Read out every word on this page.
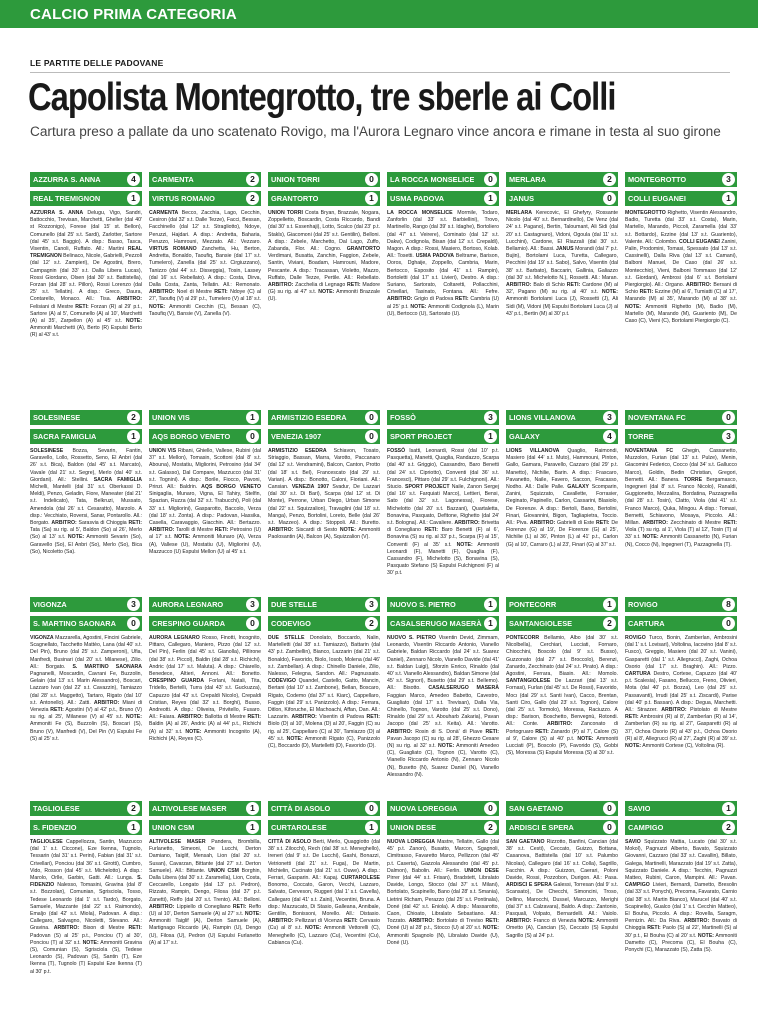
CALCIO PRIMA CATEGORIA
LE PARTITE DELLE PADOVANE
Capolista Montegrotto, tre sberle ai Colli
Cartura preso a pallate da uno scatenato Rovigo, ma l'Aurora Legnaro vince ancora e rimane in testa al suo girone
AZZURRA S. ANNA	4
REAL TREMIGNON	1
AZZURRA S. ANNA Delugu, Vigo, Sandri, Battocchio, Trevisan, Marchetti, Gheller (dal 40' st Rozzonigo), Forese (dal 15' st. Bellon), Comunello (dal 25' s.t. Sardi), Zarlotter, Sartore (dal 45' s.t. Baggio). A disp.: Basso, Tasca, Visentin, Canoli, Ruffato. All.: Martini REAL TREMIGNON Belinaco, Nicole, Gabrielli, Pezzoli (dal 12' s.t. Zampieri), De Agostini, Brero, Campagnin (dal 33' s.t. Dalla Libera Lucas), Rossi Giordano, Olsen (dal 30' s.t. Battistella), Forzan (dal 28' s.t. Pillon), Rossi Lorenzo (dal 25' s.t. Tellatin). A disp.: Greco, Daura, Contarello, Monaco. All.: Tisa. ARBITRO: Felisiani di Mestre RETI: Forzan (R) al 29' p.t., Sartore (A) al 5', Comunello (A) al 10', Marchetti (A) al 35', Zarpellon (A) al 45' s.t. NOTE: Ammoniti Marchetti (A), Berto (R) Espulsi Berto (R) al 43' s.t.
CARMENTA	2
VIRTUS ROMANO	2
CARMENTA Becco, Zacchia, Lago, Cecchin, Cesiron (dal 32' s.t. Dalle Tezze), Facci, Bessan, Facchinello (dal 12' s.t. Stragliotto), Ndoye, Peruzzi, Hajdari. A disp.: Andretta, Baharia, Peruzzo, Hamrouni, Mezzato. All.: Vezzaro. VIRTUS ROMANO Zanchetta, Hu, Berton, Andretta, Bonaldo, Taoufiq, Bansie (dal 17' s.t. Tumelero), Zanella (dal 25' s.t. Cirgiuzzano), Tanizzo (dal 44' s.t. Disseggia), Tosin, Lassey (dal 16' s.t. Rebellato). A disp.: Costa, Dirva, Dalla Costa, Zanta, Tellatin. All.: Remonato. ARBITRO: Noel di Mestre RETI: Ndoye (C) al 27', Taoufiq (V) al 29' p.t., Tumelero (V) al 18' s.t. NOTE: Ammoniti Cecchin (C), Bessan (C), Taoufiq (V), Bansie (V), Zanella (V).
UNION TORRI	0
GRANTORTO	1
UNION TORRI Costa Bryan, Brazzale, Nogara, Zoppelletto, Boscardin, Costa Riccardo, Bandi (dal 30' s.t. Essenhaji), Lotto, Scalco (dal 23' p.t. Stakls), Giacomoni (dal 25' s.t. Gentilin), Belloni. A disp.: Zebele, Marchetto, Dal Lago, Zuffo, Zabanda, Flor. All.: Cogno. GRANTORTO Verdimani, Busatta, Zanchin, Faggion, Zebele, Santin, Viviani, Boadam, Hamrouni, Madore, Pescante. A disp.: Tracassan, Violetto, Mazzo, Ruffato, Dalle Tezze, Pertile. All.: Rebellato. ARBITRO: Zacchelia di Legnago RETI: Madore (G) su rig. al 47' s.t. NOTE: Ammoniti Brazzale (U).
LA ROCCA MONSELICE	0
USMA PADOVA	1
LA ROCCA MONSELICE Mormile, Todaro, Zanforlin (dal 33' s.t. Barbiellini), Trovo, Martinello, Rango (dal 39' s.t. Idaghe), Bortoliero (dal 47' s.t. Veirere), Cominato (dal 12' s.t. Dakw), Codignola, Bisan (dal 12' s.t. Crepaldi), Magon. A disp.: Rossi, Masiero, Bortoso, Kolab. All.: Tosetti. USMA PADOVA Beltrame, Barison, Ooros, Dghaije, Zoppello, Cambria, Marin, Bertocco, Esposito (dal 41' s.t. Rampin), Bortoletti (dal 17' s.t. Livieri), Destro. A disp.: Suriano, Sartorato, Coltaretti, Pollacchini, Crivellari, Tasinato, Fontana. All.: Fefre. ARBITRO: Grigio di Padova RETI: Cambria (U) al 25' p.t. NOTE: Ammoniti Codignola (L), Marin (U), Bertocco (U), Sartorato (U).
MERLARA	2
JANUS	0
MERLARA Kerecovic, El Ghefyry, Rossante Nicolo (dal 40' s.t. Bernardinello), De Venz (dal 24' s.t. Pagano), Bertin, Taloumant, Ali Sidi (dal 20' s.t. Castagnaro), Vidoni, Ogoula (dal 11' s.t. Lucchini), Cardone, El Riazzali (dal 30' s.t. Bellamio). All.: Bassi. JANUS Morandi (dal 7' p.t. Bujin), Bortolami Luca, Turetta, Callegaro, Pecchini (dal 19' s.t. Sabo), Salvo, Visentin (dal 38' s.t. Barbato), Baccarin, Gallinia, Galiazzo (dal 30' s.t. Michelotto N.), Rossetti. All.: Maran. ARBITRO: Balo di Schio RETI: Cardone (M) al 32', Pagano (M) su rig. al 40' s.t. NOTE: Ammoniti Bortolami Luca (J), Rossetti (J), Ali Sidi (M), Vidoni (M) Espulsi Bortolami Luca (J) al 43' p.t., Bertin (M) al 30' p.t.
MONTEGROTTO	3
COLLI EUGANEI	1
MONTEGROTTO Righetto, Visentin Alessandro, Badio, Turetta (dal 33' s.t. Costa), Marin, Martello, Marando, Piccoli, Zaramella (dal 33' s.t. Bottardo), Ezzine (dal 13' s.t. Guariento), Valente. All.: Colombo. COLLI EUGANEI Zanini, Palin, Prodomini, Tomasi, Spessato (dal 13' s.t. Cassinelli), Dalla Riva (dal 13' s.t. Camani), Balboni Manuel, De Caso (dal 26' s.t. Montecchio), Vieni, Balboni Tommaso (dal 12' s.t. Giordani), Ambrosi (dal 6' s.t. Bortolami Piergiorgio). All.: Organo. ARBITRO: Bersani di Schio RETI: Ezzine (M) al 6', Tumiatti (C) al 17', Marando (M) al 35', Marando (M) al 38' s.t. NOTE: Ammoniti Righetto (M), Badio (M), Martello (M), Marando (M), Guariento (M), De Caso (C), Vieni (C), Bortolami Piergiorgio (C).
SOLESINESE	2
SACRA FAMIGLIA	1
SOLESINESE Bozza, Sevarin, Fantin, Garavello, Lollo, Rossetto, Seno, El Anbri (dal 26' s.t. Bica), Baldon (dal 45' s.t. Marcato), Vavale (dal 21' s.t. Segre), Merlo (dal 40' s.t. Giordani). All.: Stellini. SACRA FAMIGLIA Michelli, Mantelli (dal 31' s.t. Oberkassi D. Meldi), Penzo, Geladin, Fiore, Maneater (dal 21' s.t. Indelicato), Tata, Belkruzi, Mussato, Amendola (dal 26' s.t. Cesaratto), Marzolo. A disp.: Vecchiato, Roversi, Sanar, Pontarollo. All.: Borgato. ARBITRO: Sarasvia di Chioggia RETI: Tata (Sa) su rig. al 5', Baldon (So) al 26', Merlo (So) al 13' s.t. NOTE: Ammoniti Sevarin (So), Garavello (So), El Anbri (So), Merlo (So), Bica (So), Nicoletto (Sa).
UNION VIS	1
AQS BORGO VENETO	0
UNION VIS Ribani, Ghiello, Vallese, Rubini (dal 37' s.t. Mellon), Tomasin, Scottoni (dal 8' s.t. Abouna), Mostatiu, Migliorini, Petrosino (dal 34' s.t. Galasso), Dal Compare, Mazzucco (dal 31' s.t. Tognini). A disp.: Borile, Fiocco, Pavoni, Prinzi. All.: Baldrin. AQS BORGO VENETO Sinigaglia, Munaro, Vigna, El Tahiry, Stelfin, Spazian, Ruzza (dal 32' s.t. Trabucchi), Poli (dal 33' s.t. Migliorini), Gasparotto, Baccolo, Verza (dal 18' s.t. Zonta). A disp.: Padovan, Hassika, Casella, Caravaggio, Giacchin. All.: Bertazzo. ARBITRO: Tarolli di Mestre RETI: Petrosino (U) al 17' s.t. NOTE: Ammoniti Munaro (A), Verza (A), Vallese (U), Mostatiu (U), Migliorini (U), Mazzucco (U) Espulsi Mellon (U) al 45' s.t.
ARMISTIZIO ESEDRA	0
VENEZIA 1907	0
ARMISTIZIO ESEDRA Schiavon, Tosato, Striaggio, Bassan, Marra, Varotto, Paccanaro (dal 12' s.t. Vendramini), Balcon, Canton, Protto (dal 18' s.t. Bel), Francescato (dal 29' s.t. Varian). A disp.: Bonotto, Caloni, Fioriani. All.: Cansian. VENEZIA 1907 Svadur, De Lazzari (dal 30' s.t. Di Bari), Scarpa (dal 12' st. Di Monte), Perrone, Urban Diego, Urban Simone (dal 22' s.t. Squizzalion), Travaglini (dal 18' s.t. Manga), Penzo, Bortolini, Loreto, Belle (dal 26' s.t. Mazzeo). A disp.: Stoppoli. All.: Buretto. ARBITRO: Siscardi di Sesto NOTE: Ammoniti Paolosantin (A), Balcon (A), Squizzalion (V).
FOSSÒ	3
SPORT PROJECT	1
FOSSÒ Isatti, Leonardi, Rossi (dal 10' p.t. Pasquetta), Manetti, Quaglia, Randazzo, Scarpa (dal 40' s.t. Griggio), Cassandro, Baro Benetti (dal 24' s.t. Cipriotto), Conventi (dal 36' s.t. Francesci), Pittaro (dal 29' s.t. Fulchignoni). All.: Stucio. SPORT PROJECT Naile, Zanon Sergej (dal 16' s.t. Farquiati Marco), Lettieri, Bensi, Sato (dal 32' s.t. Lagonessa), Fiorese, Michelotto (dal 20' s.t. Bazzani), Quartaletta, Bonavina, Pasquato, Defitone, Righetto (dal 24' s.t. Bologna). All.: Cavaliere. ARBITRO: Brivetta di Conegliano RETI: Baro Benetti (F) al 6', Bonavina (S) su rig. al 33' p.t., Scarpa (F) al 15', Conventi (F) al 35' s.t. NOTE: Ammoniti Leonardi (F), Manetti (F), Quaglia (F), Cassandro (F), Michelotto (S), Bonavina (S), Pasquato Stefano (S) Espulsi Fulchignoni (F) al 30' p.t.
LIONS VILLANOVA	3
GALAXY	4
LIONS VILLANOVA Quaglio, Raimondi, Masiero (dal 44' s.t. Muto), Hammouni, Pinton, Gallo, Gamara, Paravello, Cazzaro (dal 29' p.t. Manetto), Nichilie, Barin. A disp.: Frascaro, Pavanetto, Naile, Favero, Saccon, Fracasso, Nodho. All.: Dalle Palle. GALAXY Scomparin, Zanini, Squizzato, Cavallette, Forrasier, Reginato, Papinello, Carlon, Cassarini, Blasiolo, De Fiorenze. A disp.: Bertoli, Bano, Bertolini, Finari, Giovannini, Bigon, Tagliapietra, Toccio. All.: Piva. ARBITRO: Gabrielli di Este RETI: De Fiorenze (G) al 19', De Fiorenze (G) al 25', Nichilie (L) al 36', Pinton (L) al 41' p.t., Carlon (G) al 10', Carraro (L) al 23', Finari (G) al 37' s.t.
NOVENTANA FC	0
TORRE	3
NOVENTANA FC Ghegin, Cassanetto, Muzzolon, Furian (dal 13' s.t. Pulze), Menin, Giacomini Federico, Cocco (dal 34' s.t. Gallucco Marco), Goldin, Bedin Christian, Gregori, Bernetti. All.: Banera. TORRE Bergamasco, Ingegneri (dal 8' s.t. Franco Nicolo), Ranaldi, Guggionetto, Mezzalira, Bordatina, Pazzagnella (dal 28' s.t. Tosin), Clatto, Viola (dal 41' s.t. Franco Marco), Quka, Mingou. A disp.: Tomasi, Bernetti, Schiavono, Mosaya, Piccolo. All.: Millan. ARBITRO: Zecchinato di Mestre RETI: Viola (T) su rig. al 1', Viola (T) al 12', Tosin (T) al 33' s.t. NOTE: Ammoniti Cassanetto (N), Furian (N), Cocco (N), Ingegneri (T), Pazzagnella (T).
VIGONZA	3
S. MARTINO SAONARA	0
VIGONZA Mazzarella, Agostini, Fincini Gabriele, Scagnellato, Tacchetto Mattèo, Lana (dal 40' s.t. Del Pin), Bruno (dal 25' s.t. Zamperoni), Ufia, Manfredi, Businari (dal 20' s.t. Milanese), Zilio. All.: Borgato. S. MARTINO SAONARA Pagnanelli, Moscardin, Cavrani Fe, Buzzolin, Gelain (dal 13' s.t. Marin Alessandro), Boscari, Lazzaro Ivan (dal 22' s.t. Cavazzin), Tamiazzo (dal 28' s.t. Maggetto), Tartaro, Rigato (dal 10' s.t. Antonello). All.: Zatti. ARBITRO: Miani di Venezia RETI: Agostini (V) al 42' p.t., Bruno (V) su rig. al 25', Milanese (V) al 45' s.t. NOTE: Ammoniti Fe (S), Buzzolin (S), Boscari (S), Bruno (V), Manfredi (V), Del Pin (V) Espulsi Fe (S) al 25' s.t.
AURORA LEGNARO	3
CRESPINO GUARDA	0
AURORA LEGNARO Rosso, Finotti, Incognito, Pittaro, Callegaro, Maniero, Pizzo (dal 12' s.t. Del Pin), Ferlin (dal 45' s.t. Gianolla), Pillirone (dal 38' s.t. Piccol), Baldin (dal 28' s.t. Richichi), Andric (dal 17' s.t. Maluta). A disp.: Chiarello, Benedece, Altieri, Annoni. All.: Bonetto. CRESPINO GUARDA Forlani, Natali, Tita, Tridello, Bertelli, Turra (dal 43' s.t. Guckuzza), Capuzzo (dal 43' s.t. Crepaldi Nicolo), Crepaldi Cristian, Reyes (dal 32' s.t. Borghi), Busso, Andreotti. A disp.: Oliveira, Privitello, Fusaro. All.: Faiara. ARBITRO: Ballotta di Mestre RETI: Baldin (A) al 26', Andric (A) al 44' p.t., Richichi (A) al 32' s.t. NOTE: Ammoniti Incognito (A), Richichi (A), Reyes (C).
DUE STELLE	3
CODEVIGO	2
DUE STELLE Donolato, Boccardo, Nalin, Martelletti (dal 38' s.t. Tamiazzo), Battarin (dal 43' p.t. Zambellin), Bianco, Lazzarin (dal 21' s.t. Bonaldo), Favorido, Biolo, Iosob, Molena (dal 46' s.t. Zambellan). A disp.: Chinello Daniele, Zilio, Nalesso, Felegna, Sandon. All.: Pagnussato. CODEVIGO Quandel, Castello, Gatto, Mancin, Bertani (dal 10' s.t. Zambone), Bellan, Boscaro, Rigato, Codemo (dal 37' s.t. Kiarc), Cappellaro, Faggin (dal 29' s.t. Panizzolo). A disp.: Ferrara, Ditlon, Kiforuche, El Machoachi, Affan, Dan. All.: Lazzarin. ARBITRO: Visentin di Padova RETI: Biolo (D) al 10', Molena (D) al 20', Faggin (C) su rig. al 25', Cappellaro (C) al 30', Tamiazzo (D) al 45' s.t. NOTE: Ammoniti Rigato (C), Panizzolo (C), Boccardo (D), Martelletti (D), Favorido (D).
NUOVO S. PIETRO	1
CASALSERUGO MASERÀ 1
NUOVO S. PIETRO Visentin Devid, Zimmam, Leonardo, Visentin Riccardo Antonio, Vianello Gabriele, Baldan Riccardo (dal 24' s.t. Suarez Daniel), Zennaro Nicolo, Vianello Davide (dal 41' s.t. Baldan Luigi), Sforzin Enrico, Rinaldo (dal 40' s.t. Vianello Alessandro), Baldan Simone (dal 45' s.t. Signori), Busetto (dal 29' s.t. Bellemo). All.: Bisotto. CASALSERUGO MASERÀ Faggian Marco, Amedeo Babetto, Cavestro, Guagliato (dal 17' s.t. Trevisan), Dalla Via, Chinello, Tognon, Varotto (dal 25' s.t. Dono), Rinaldo (dal 29' s.t. Abouharb Zakaria), Pavan Jacopo (dal 25' s.t. Keita). All.: Varotto. ARBITRO: Rosin di S. Donà' di Piave RETI: Pavan Jacopo (C) su rig. al 28', Ghezzo Cesare (N) su rig. al 32' s.t. NOTE: Ammoniti Amedeo (C), Guagliato (C), Tognon (C), Varotto (C), Vianello Riccardo Antonio (N), Zennaro Nicolo (N), Busetto (N), Suarez Daniel (N), Vianello Alessandro (N).
PONTECORR	1
SANTANGIOLESE	2
PONTECORR Bellamio, Albo (dal 30' s.t. Nicolbella), Cerchiari, Lucciati, Fornaro, Chiocchini, Boscolo (dal 9' s.t. Busso), Guzzonato (dal 27' s.t. Broccolo), Berenzi, Zanardo, Zecchinato (dal 24' s.t. Pirato). A disp.: Agostini, Ferrara, Biasin. All.: Momolo. SANTANGIOLESE De Lazzari (dal 13' s.t. Fornasi), Furlan (dal 45' s.t. De Rossi), Favorido, Mocı (dal 29' s.t. Santi Ivan), Cacco, Brentan, Santi Ciro, Gallo (dal 23' s.t. Tognon), Calore (dal 25' s.t. Tormolo), Moressa, Raciuzzo. A disp.: Barison, Boschetto, Benvegnù, Rotondi. All.: Conte. ARBITRO: Zanconato di Portogruaro RETI: Zanardo (P) al 7', Calore (S) al 9', Calore (S) al 40' p.t. NOTE: Ammoniti Lucciati (P), Boscolo (P), Favorido (S), Gobbi (S), Moressa (S) Espulsi Moressa (S) al 30' s.t.
ROVIGO	8
CARTURA	0
ROVIGO Turco, Bonin, Zamberlan, Ambrosini (dal 1' s.t. Lovisari), Voltolina, Iacovino (dal 8' s.t. Fusco), Greggio, Masiero (dal 20' s.t. Vanini), Gasparetti (dal 1' s.t. Allegrucci), Zaghi, Ochoa Osorio (dal 17' s.t. Braghin). All.: Pizzo. CARTURA Destro, Cortese, Capuzzo (dal 40' p.t. Scalesia), Fasano, Bellucco, Freno, Olivieri, Mota (dal 40' p.t. Bozza), Leo (dal 25' s.t. Passavanti), Irrudi (dal 25' s.t. Ziscardi), Parise (dal 40' p.t. Bassan). A disp.: Degua, Marchetti. All.: Strazzer. ARBITRO: Pistolato di Mestre RETI: Ambrosini (R) al 8', Zamberlan (R) al 14', Zamberlan (R) su rig. al 27', Gasparetti (R) al 37', Ochoa Osorio (R) al 43' p.t., Ochoa Osorio (R) al 8', Allegrucci (R) al 27', Zaghi (R) al 39' s.t. NOTE: Ammoniti Cortese (C), Voltolina (R).
TAGLIOLESE	2
S. FIDENZIO	1
TAGLIOLESE Cappellozza, Santin, Mazzucco (dal 1' s.t. Ciccone), Eze Ikenna, Tugnolo, Tessarin (dal 31' s.t. Perini), Fabian (dal 31' s.t. Crivellari), Ponciou (dal 36' s.t. Girotti), Cumbro, Vido, Rosson (dal 45' s.t. Michelotto). A disp.: Marolo, Orlle, Garbin, Gatti. All.: Lunga. S. FIDENZIO Nalesso, Tomasini, Gravina (dal 8' s.t. Bozzolan), Comunian, Sgrisciola, Tosso, Tedese Leonardo (dal 1' s.t. Tardo), Borgato, Samuele, Mazzante (dal 22' s.t. Raimondo), Emaljo (dal 42' s.t. Miola), Padovan. A disp.: Callegaro, Salvagno, Nicoletti, Stevano. All.: Gravina. ARBITRO: Bison di Mestre RETI: Padovan (S) al 25' p.t., Ponciou (T) al 30', Ponciou (T) al 32' s.t. NOTE: Ammoniti Gravina (S), Comunian (S), Sgrisciola (S), Tedese Leonardo (S), Padovan (S), Santin (T), Eze Ikenna (T), Tugnolo (T) Espulsi Eze Ikenna (T) al 30' p.t.
ALTIVOLESE MASER	1
UNION CSM	1
ALTIVOLESE MASER Pandera, Brombilla, Furlanetto, Simeoni, De Lucchi, Derton Damiano, Taiglif, Mensah, Lion (dal 20' s.t. Susan), Cavarzan, Bittante (dal 27' s.t. Derton Samuele). All.: Bittante. UNION CSM Borghin, Dalla Libera (dal 30' s.t. Zaramella), Lion, Costa, Ceccarello, Longato (dal 13' p.t. Pedron), Rizzato, Rampin, Dengo, Filosa (dal 37' p.t. Zanetti), Reffo (dal 20' s.t. Trento). All.: Belloni. ARBITRO: Lippiello di Conegliano RETI: Reffo (U) al 10', Derton Samuele (A) al 27' s.t. NOTE: Ammoniti Taiglif (A), Derton Samuele (A), Martignago Riccardo (A), Rampin (U), Dengo (U), Filosa (U), Pedron (U) Espulsi Furlanetto (A) al 17' s.t.
CITTÀ DI ASOLO	0
CURTAROLESE	1
CITTÀ DI ASOLO Berti, Merlo, Quaggiotto (dal 38' s.t. Zilocchi), Rech (dal 38' s.t. Meneghello), Ireneri (dal 9' s.t. De Lucchi), Gashi, Bonazzi, Vetrionetti (dal 21' s.t. Fuga), De Martin, Michielin, Cucinato (dal 21' s.t. Ouwe). A disp.: Ferrari, Gasparin. All.: Kapaj. CURTAROLESE Bonomo, Coccato, Garon, Vecchi, Lazzaro, Salvato, Cerveson, Ruggeri (dal 1' s.t. Cavella), Callegaro (dal 41' s.t. Zaini), Vecentini, Bruna. A disp.: Mazzucato, Di Stasio, Galleana, Annibale, Gentilin, Bonissoni, Morello. All.: Distasio. ARBITRO: Pellizzari di Vicenza RETI: Cervasio (Cu) al 8' s.t. NOTE: Ammoniti Vettorelli (C), Meneghello (C), Lazzaro (Cu), Vecentini (Cu), Cabianca (Cu).
NUOVA LOREGGIA	0
UNION DESE	2
NUOVA LOREGGIA Mastre, Tellatin, Gallo (dal 45' p.t. Zanon), Busatto, Marcon, Sgagnoli, Cimitrasso, Favaretto Marco, Pellizzon (dal 45' p.t. Caserta), Gazzola Alessandro (dal 45' p.t. Dalmon), Babolin. All.: Ferlin. UNION DESE Pirrer (dal 44' s.t. Frisan), Bradstett, Libralato Davide, Longo, Stocco (dal 37' s.t. Milani), Bortolato, Scapinello, Bano (dal 28' s.t. Smania), Lietrini Richam, Perazzo (dal 25' s.t. Pontinala), Doné (dal 42' s.t. Eniola). A disp.: Massarotto, Caon, Chioato, Libralato Sebastiano. All.: Tozzato. ARBITRO: Bortolato di Treviso RETI: Doné (U) al 28' p.t., Stocco (U) al 20' s.t. NOTE: Ammoniti Spagnolo (N), Libralato Davide (U), Doné (U).
SAN GAETANO	0
ARDISCI E SPERA	0
SAN GAETANO Rizzotto, Banfini, Cancian (dal 38' s.t. Cesti), Ceccato, Guizzo, Bottana, Casanova, Battistella (dal 10' s.t. Palumbo Nicolas), Callegaro (dal 16' s.t. Colla), Sagrillo, Facchin. A disp.: Guizzon, Caerari, Poloni Davide, Rossi, Pozzobon, Durigon. All.: Pasa. ARDISCI E SPERA Galessi, Torresan (dal 9' s.t. Scansato), De Checchi, Simoncini, Troso, Dellino, Marocchi, Dussel, Marcuzzo, Merighi (dal 37' s.t. Calzavara), Baldo. A disp.: Zantonio, Pasquali, Volpato, Bernardelli. All.: Vaiolo. ARBITRO: Franco di Venezia NOTE: Ammoniti Ometto (A), Cancian (S), Ceccato (S) Espulsi Sagrillo (S) al 24' p.t.
SAVIO	1
CAMPIGO	2
SAVIO Squizzato Mattia, Lucato (dal 30' s.t. Mokol), Pagnuzzi Alberto, Bavato, Squizzato Giovanni, Cazzaro (dal 33' s.t. Cavallin), Billato, Galega, Martinelli, Marazzato (dal 19' s.t. Zatta), Squizzato Daniele. A disp.: Tecchin, Pagnuzzi Matteo, Rubini, Caron, Mampini. All.: Pavan. CAMPIGO Livieri, Bernardi, Dametto, Bresolin (dal 33' s.t. Ponychi), Precoma, Favarato, Carnio (dal 38' s.t. Martin Bianco), Marucel (dal 40' s.t. Scapinello), Gualco (dal 1' s.t. Cecchin Matteo), El Bouha, Piccolo. A disp.: Rovella, Saragm, Pernizin. All.: Da Riva. ARBITRO: Bravato di Chioggia RETI: Paolo (S) al 22', Martinelli (S) al 30' p.t., El Bouha (C) al 20' s.t. NOTE: Ammoniti Dametto (C), Precoma (C), El Bouha (C), Ponychi (C), Marazzato (S), Zatta (S).
